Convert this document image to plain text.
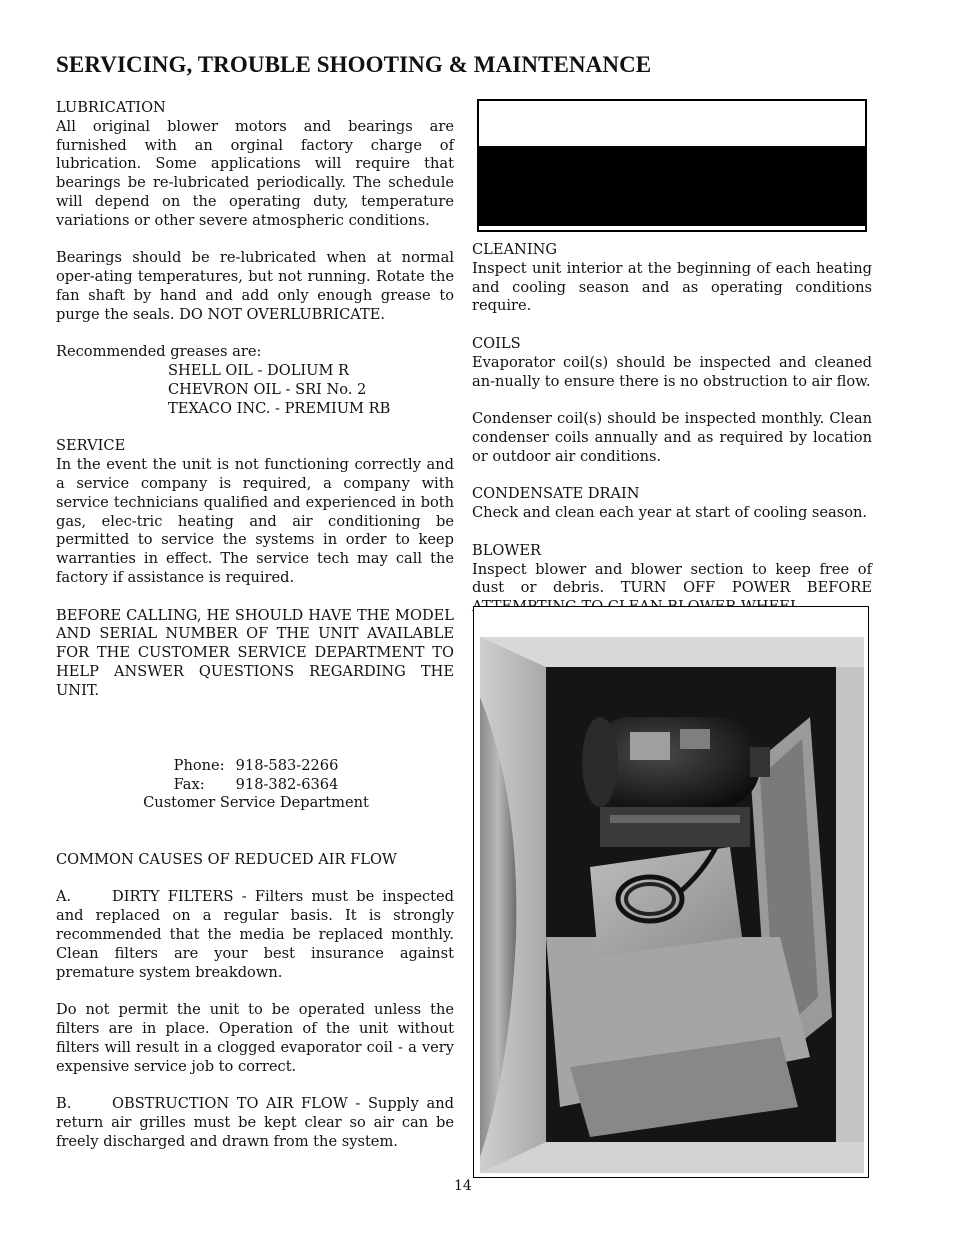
SERVICING, TROUBLE SHOOTING & MAINTENANCE
LUBRICATION

All original blower motors and bearings are furnished with an orginal factory charge of lubrication. Some applications will require that bearings be re-lubricated periodically. The schedule will depend on the operating duty, temperature variations or other severe atmospheric conditions.

Bearings should be re-lubricated when at normal oper-ating temperatures, but not running. Rotate the fan shaft by hand and add only enough grease to purge the seals. DO NOT OVERLUBRICATE.

Recommended greases are:
SHELL OIL - DOLIUM R
CHEVRON OIL - SRI No. 2
TEXACO INC. - PREMIUM RB
SERVICE

In the event the unit is not functioning correctly and a service company is required, a company with service technicians qualified and experienced in both gas, elec-tric heating and air conditioning be permitted to service the systems in order to keep warranties in effect. The service tech may call the factory if assistance is required.

BEFORE CALLING, HE SHOULD HAVE THE MODEL AND SERIAL NUMBER OF THE UNIT AVAILABLE FOR THE CUSTOMER SERVICE DEPARTMENT TO HELP ANSWER QUESTIONS REGARDING THE UNIT.

Phone: 918-583-2266
Fax: 918-382-6364
Customer Service Department
COMMON CAUSES OF REDUCED AIR FLOW

A.	DIRTY FILTERS - Filters must be inspected and replaced on a regular basis. It is strongly recommended that the media be replaced monthly. Clean filters are your best insurance against premature system breakdown.

Do not permit the unit to be operated unless the filters are in place. Operation of the unit without filters will result in a clogged evaporator coil - a very expensive service job to correct.

B.	OBSTRUCTION TO AIR FLOW - Supply and return air grilles must be kept clear so air can be freely discharged and drawn from the system.

CLEANING

Inspect unit interior at the beginning of each heating and cooling season and as operating conditions require.

COILS

Evaporator coil(s) should be inspected and cleaned an-nually to ensure there is no obstruction to air flow.

Condenser coil(s) should be inspected monthly. Clean condenser coils annually and as required by location or outdoor air conditions.

CONDENSATE DRAIN

Check and clean each year at start of cooling season.

BLOWER

Inspect blower and blower section to keep free of dust or debris. TURN OFF POWER BEFORE

14
